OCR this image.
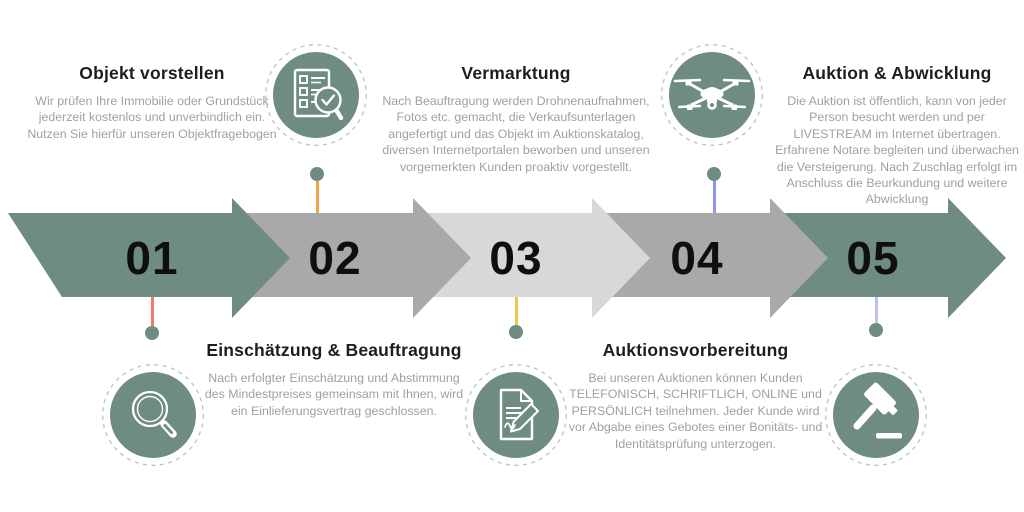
Objekt vorstellen

Wir prüfen Ihre Immobilie oder Grundstück jederzeit kostenlos und unverbindlich ein. Nutzen Sie hierfür unseren Objektfragebogen

Vermarktung

Nach Beauftragung werden Drohnenaufnahmen, Fotos etc. gemacht, die Verkaufsunterlagen angefertigt und das Objekt im Auktionskatalog, diversen Internetportalen beworben und unseren vorgemerkten Kunden proaktiv vorgestellt.

Auktion & Abwicklung

Die Auktion ist öffentlich, kann von jeder Person besucht werden und per LIVESTREAM im Internet übertragen. Erfahrene Notare begleiten und überwachen die Versteigerung. Nach Zuschlag erfolgt im Anschluss die Beurkundung und weitere Abwicklung

Einschätzung & Beauftragung

Nach erfolgter Einschätzung und Abstimmung des Mindestpreises gemeinsam mit Ihnen, wird ein Einlieferungsvertrag geschlossen.

Auktionsvorbereitung

Bei unseren Auktionen können Kunden TELEFONISCH, SCHRIFTLICH, ONLINE und PERSÖNLICH teilnehmen. Jeder Kunde wird vor Abgabe eines Gebotes einer Bonitäts- und Identitätsprüfung unterzogen.

01	02	03	04	05
